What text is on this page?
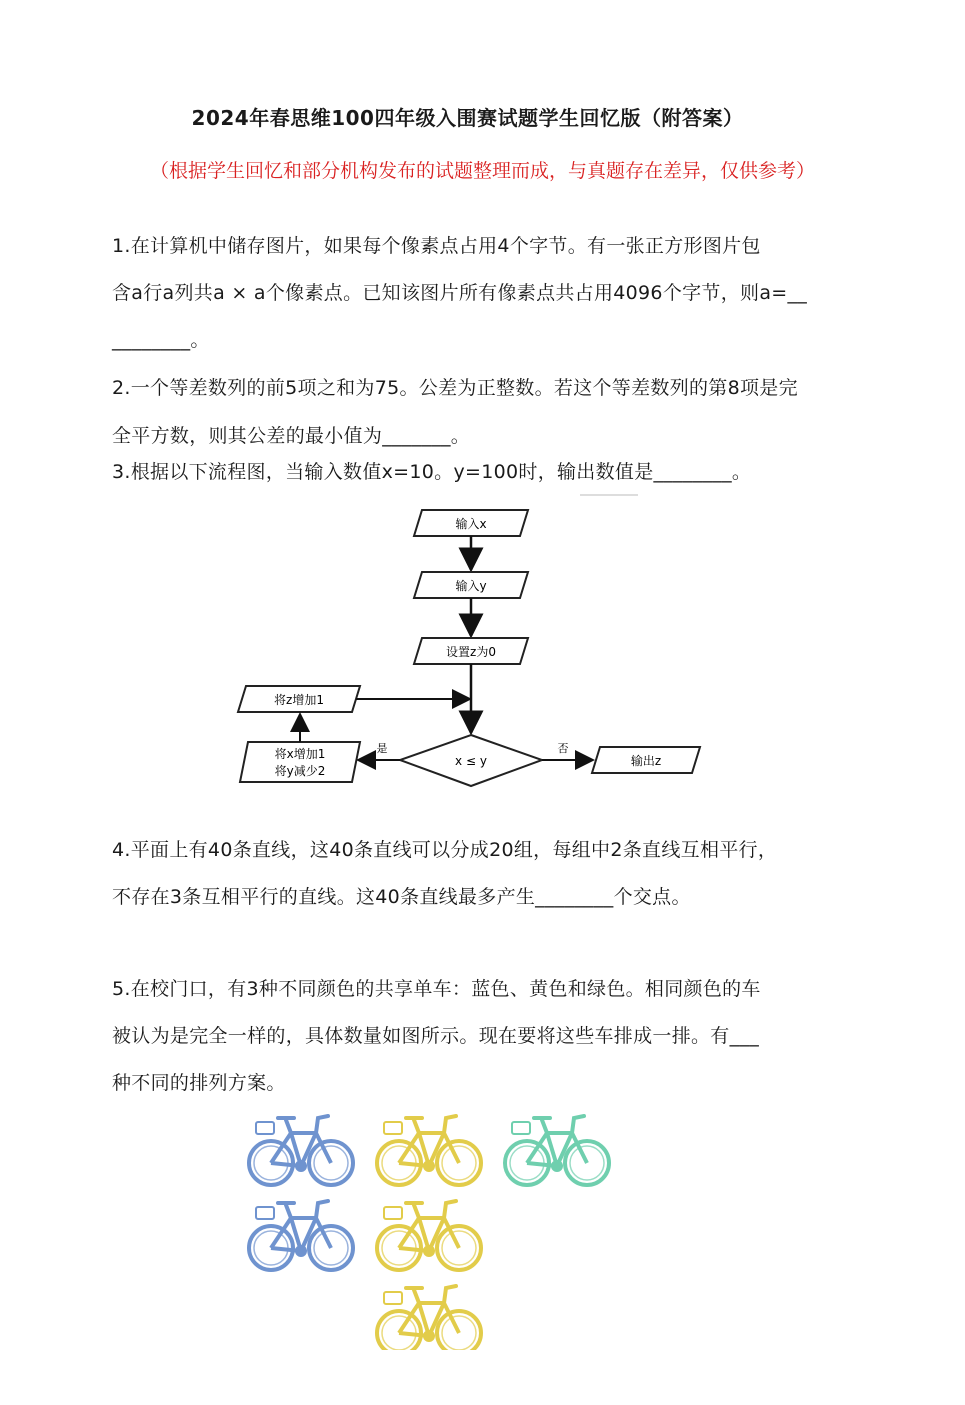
2024年春思维100四年级入围赛试题学生回忆版（附答案）
（根据学生回忆和部分机构发布的试题整理而成，与真题存在差异，仅供参考）
1.在计算机中储存图片，如果每个像素点占用4个字节。有一张正方形图片包
含a行a列共a × a个像素点。已知该图片所有像素点共占用4096个字节，则a=__
________。
2.一个等差数列的前5项之和为75。公差为正整数。若这个等差数列的第8项是完
全平方数，则其公差的最小值为_______。
3.根据以下流程图，当输入数值x=10。y=100时，输出数值是________。
输入x
输入y
设置z为0
将z增加1
将x增加1
将y减少2
x ≤ y
是	否
输出z
4.平面上有40条直线，这40条直线可以分成20组，每组中2条直线互相平行，
不存在3条互相平行的直线。这40条直线最多产生________个交点。
5.在校门口，有3种不同颜色的共享单车：蓝色、黄色和绿色。相同颜色的车
被认为是完全一样的，具体数量如图所示。现在要将这些车排成一排。有___
种不同的排列方案。
